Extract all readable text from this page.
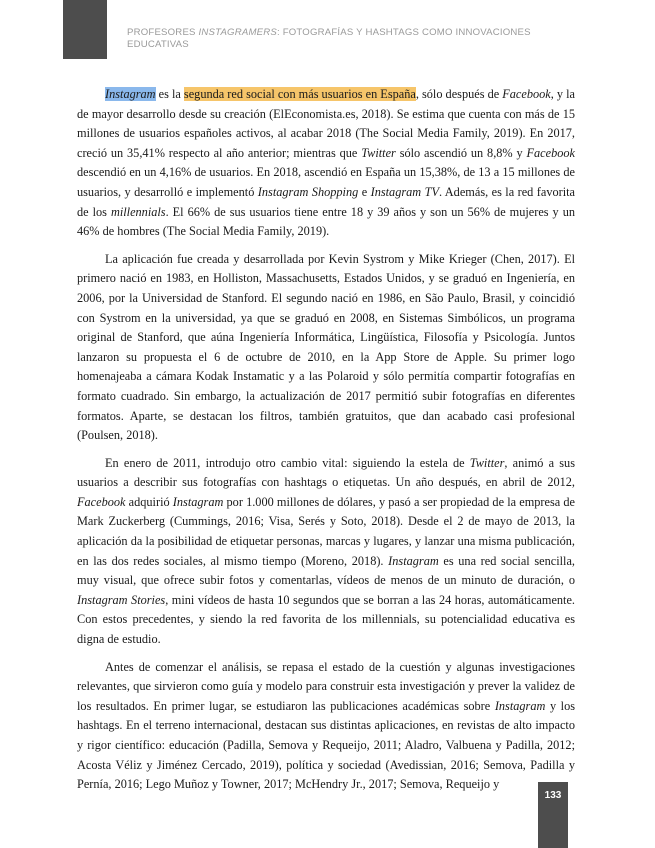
PROFESORES INSTAGRAMERS: FOTOGRAFÍAS Y HASHTAGS COMO INNOVACIONES EDUCATIVAS

Instagram es la segunda red social con más usuarios en España, sólo después de Facebook, y la de mayor desarrollo desde su creación (ElEconomista.es, 2018). Se estima que cuenta con más de 15 millones de usuarios españoles activos, al acabar 2018 (The Social Media Family, 2019). En 2017, creció un 35,41% respecto al año anterior; mientras que Twitter sólo ascendió un 8,8% y Facebook descendió en un 4,16% de usuarios. En 2018, ascendió en España un 15,38%, de 13 a 15 millones de usuarios, y desarrolló e implementó Instagram Shopping e Instagram TV. Además, es la red favorita de los millennials. El 66% de sus usuarios tiene entre 18 y 39 años y son un 56% de mujeres y un 46% de hombres (The Social Media Family, 2019).

La aplicación fue creada y desarrollada por Kevin Systrom y Mike Krieger (Chen, 2017). El primero nació en 1983, en Holliston, Massachusetts, Estados Unidos, y se graduó en Ingeniería, en 2006, por la Universidad de Stanford. El segundo nació en 1986, en São Paulo, Brasil, y coincidió con Systrom en la universidad, ya que se graduó en 2008, en Sistemas Simbólicos, un programa original de Stanford, que aúna Ingeniería Informática, Lingüística, Filosofía y Psicología. Juntos lanzaron su propuesta el 6 de octubre de 2010, en la App Store de Apple. Su primer logo homenajeaba a cámara Kodak Instamatic y a las Polaroid y sólo permitía compartir fotografías en formato cuadrado. Sin embargo, la actualización de 2017 permitió subir fotografías en diferentes formatos. Aparte, se destacan los filtros, también gratuitos, que dan acabado casi profesional (Poulsen, 2018).

En enero de 2011, introdujo otro cambio vital: siguiendo la estela de Twitter, animó a sus usuarios a describir sus fotografías con hashtags o etiquetas. Un año después, en abril de 2012, Facebook adquirió Instagram por 1.000 millones de dólares, y pasó a ser propiedad de la empresa de Mark Zuckerberg (Cummings, 2016; Visa, Serés y Soto, 2018). Desde el 2 de mayo de 2013, la aplicación da la posibilidad de etiquetar personas, marcas y lugares, y lanzar una misma publicación, en las dos redes sociales, al mismo tiempo (Moreno, 2018). Instagram es una red social sencilla, muy visual, que ofrece subir fotos y comentarlas, vídeos de menos de un minuto de duración, o Instagram Stories, mini vídeos de hasta 10 segundos que se borran a las 24 horas, automáticamente. Con estos precedentes, y siendo la red favorita de los millennials, su potencialidad educativa es digna de estudio.

Antes de comenzar el análisis, se repasa el estado de la cuestión y algunas investigaciones relevantes, que sirvieron como guía y modelo para construir esta investigación y prever la validez de los resultados. En primer lugar, se estudiaron las publicaciones académicas sobre Instagram y los hashtags. En el terreno internacional, destacan sus distintas aplicaciones, en revistas de alto impacto y rigor científico: educación (Padilla, Semova y Requeijo, 2011; Aladro, Valbuena y Padilla, 2012; Acosta Véliz y Jiménez Cercado, 2019), política y sociedad (Avedissian, 2016; Semova, Padilla y Pernía, 2016; Lego Muñoz y Towner, 2017; McHendry Jr., 2017; Semova, Requeijo y

133
